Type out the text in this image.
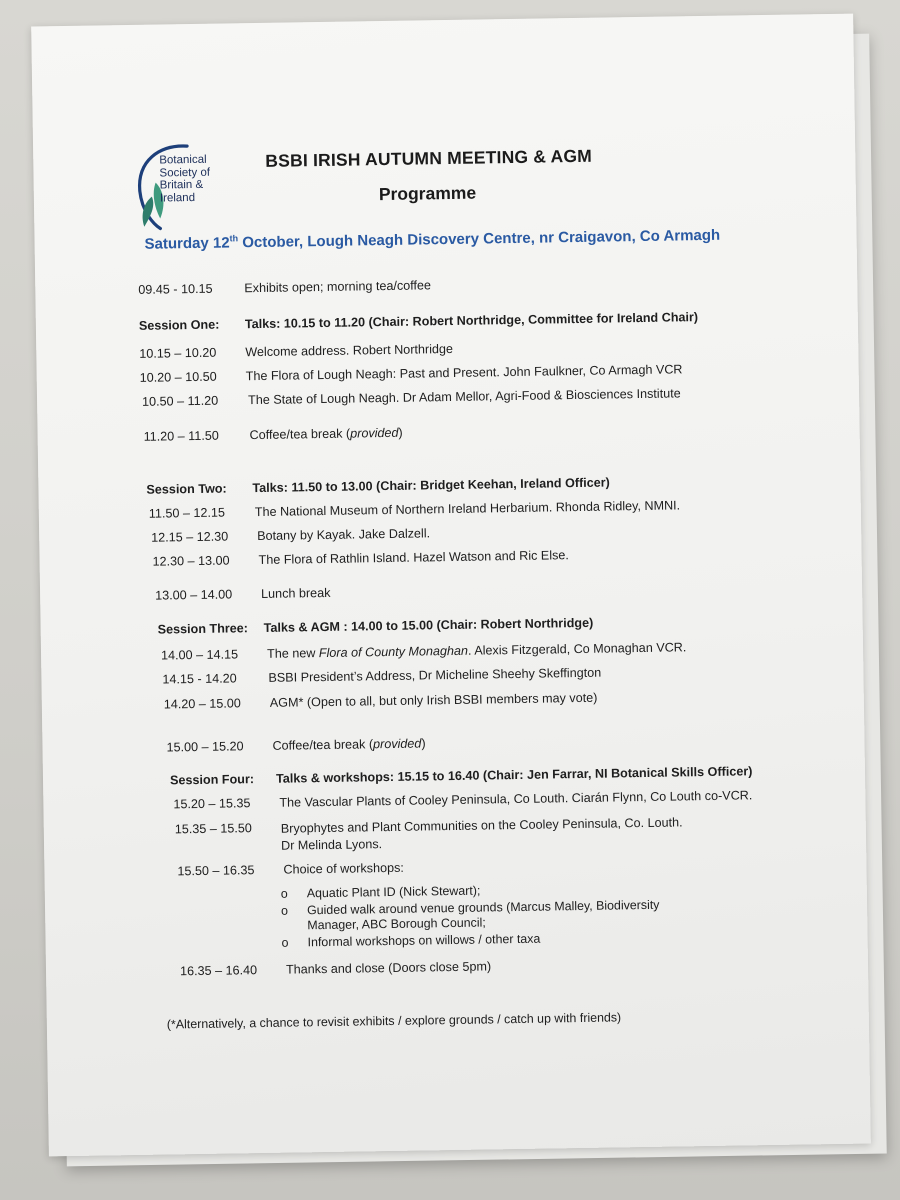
Botanical
Society of
Britain &
Ireland
BSBI IRISH AUTUMN MEETING & AGM
Programme
Saturday 12th October, Lough Neagh Discovery Centre, nr Craigavon, Co Armagh
09.45 - 10.15	Exhibits open; morning tea/coffee
Session One: Talks: 10.15 to 11.20 (Chair: Robert Northridge, Committee for Ireland Chair)
10.15 – 10.20 Welcome address. Robert Northridge
10.20 – 10.50 The Flora of Lough Neagh: Past and Present. John Faulkner, Co Armagh VCR
10.50 – 11.20 The State of Lough Neagh. Dr Adam Mellor, Agri-Food & Biosciences Institute
11.20 – 11.50 Coffee/tea break (provided)
Session Two: Talks: 11.50 to 13.00 (Chair: Bridget Keehan, Ireland Officer)
11.50 – 12.15 The National Museum of Northern Ireland Herbarium. Rhonda Ridley, NMNI.
12.15 – 12.30 Botany by Kayak. Jake Dalzell.
12.30 – 13.00 The Flora of Rathlin Island. Hazel Watson and Ric Else.
13.00 – 14.00 Lunch break
Session Three: Talks & AGM : 14.00 to 15.00 (Chair: Robert Northridge)
14.00 – 14.15 The new Flora of County Monaghan. Alexis Fitzgerald, Co Monaghan VCR.
14.15 - 14.20	BSBI President’s Address, Dr Micheline Sheehy Skeffington
14.20 – 15.00 AGM* (Open to all, but only Irish BSBI members may vote)
15.00 – 15.20 Coffee/tea break (provided)
Session Four: Talks & workshops: 15.15 to 16.40 (Chair: Jen Farrar, NI Botanical Skills Officer)
15.20 – 15.35 The Vascular Plants of Cooley Peninsula, Co Louth. Ciarán Flynn, Co Louth co-VCR.
15.35 – 15.50 Bryophytes and Plant Communities on the Cooley Peninsula, Co. Louth.
Dr Melinda Lyons.
15.50 – 16.35 Choice of workshops:
16.35 – 16.40 Thanks and close (Doors close 5pm)
o Aquatic Plant ID (Nick Stewart);
o Guided walk around venue grounds (Marcus Malley, Biodiversity
Manager, ABC Borough Council;
o Informal workshops on willows / other taxa
(*Alternatively, a chance to revisit exhibits / explore grounds / catch up with friends)
